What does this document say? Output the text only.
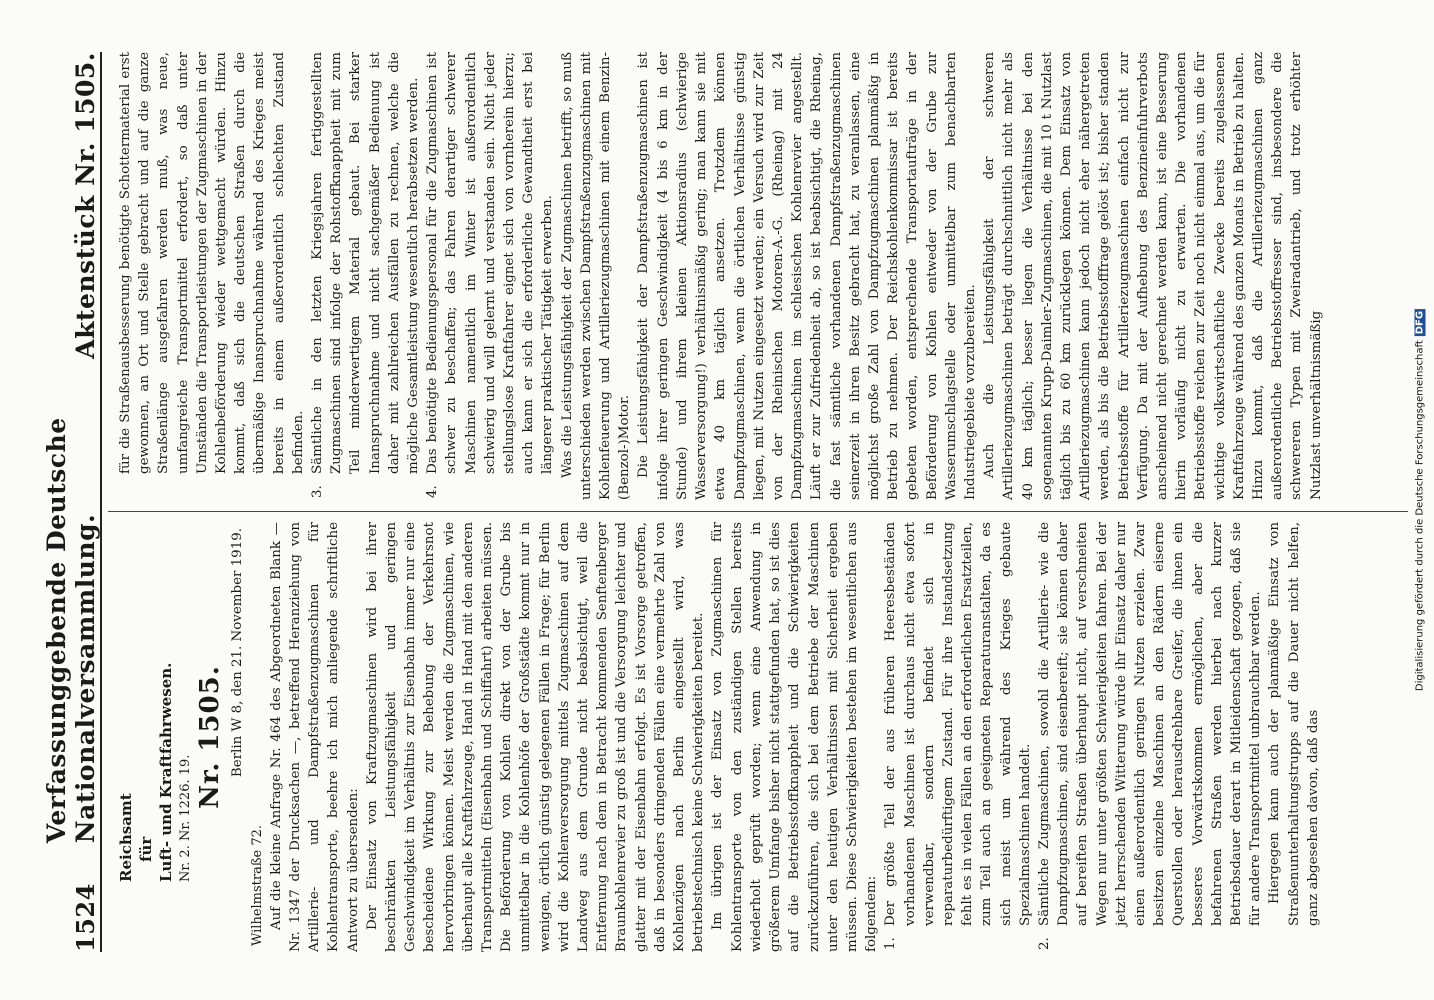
1524
Verfassunggebende Deutsche Nationalversammlung.
Aktenstück Nr. 1505.
Reichsamt für Luft- und Kraftfahrwesen. Nr. 2. Nr. 1226. 19.
Nr. 1505. Berlin W 8, den 21. November 1919.
Wilhelmstraße 72. Auf die kleine Anfrage Nr. 464 des Abgeordneten Blank — Nr. 1347 der Drucksachen —, betreffend Heranziehung von Artillerie- und Dampfstraßenzugmaschinen für Kohlentransporte, beehre ich mich anliegende schriftliche Antwort zu übersenden: Der Einsatz von Kraftzugmaschinen wird bei ihrer beschränkten Leistungsfähigkeit und geringen Geschwindigkeit im Verhältnis zur Eisenbahn immer nur eine bescheidene Wirkung zur Behebung der Verkehrsnot hervorbringen können. Meist werden die Zugmaschinen, wie überhaupt alle Kraftfahrzeuge, Hand in Hand mit den anderen Transportmitteln (Eisenbahn und Schiffahrt) arbeiten müssen. Die Beförderung von Kohlen direkt von der Grube bis unmittelbar in die Kohlenhöfe der Großstädte kommt nur in wenigen, örtlich günstig gelegenen Fällen in Frage; für Berlin wird die Kohlenversorgung mittels Zugmaschinen auf dem Landweg aus dem Grunde nicht beabsichtigt, weil die Entfernung nach dem in Betracht kommenden Senftenberger Braunkohlenrevier zu groß ist und die Versorgung leichter und glatter mit der Eisenbahn erfolgt. Es ist Vorsorge getroffen, daß in besonders dringenden Fällen eine vermehrte Zahl von Kohlenzügen nach Berlin eingestellt wird, was betriebstechnisch keine Schwierigkeiten bereitet. Im übrigen ist der Einsatz von Zugmaschinen für Kohlentransporte von den zuständigen Stellen bereits wiederholt geprüft worden; wenn eine Anwendung in größerem Umfange bisher nicht stattgefunden hat, so ist dies auf die Betriebsstoffknappheit und die Schwierigkeiten zurückzuführen, die sich bei dem Betriebe der Maschinen unter den heutigen Verhältnissen mit Sicherheit ergeben müssen. Diese Schwierigkeiten bestehen im wesentlichen aus folgendem: 1.
Der größte Teil der aus früheren Heeresbeständen vorhandenen Maschinen ist durchaus nicht etwa sofort verwendbar, sondern befindet sich in reparaturbedürftigem Zustand. Für ihre Instandsetzung fehlt es in vielen Fällen an den erforderlichen Ersatzteilen, zum Teil auch an geeigneten Reparaturanstalten, da es sich meist um während des Krieges gebaute Spezialmaschinen handelt.

2.
Sämtliche Zugmaschinen, sowohl die Artillerie- wie die Dampfzugmaschinen, sind eisenbereift; sie können daher auf bereiften Straßen überhaupt nicht, auf verschneiten Wegen nur unter größten Schwierigkeiten fahren. Bei der jetzt herrschenden Witterung würde ihr Einsatz daher nur einen außerordentlich geringen Nutzen erzielen. Zwar besitzen einzelne Maschinen an den Rädern eiserne Querstollen oder herausdrehbare Greifer, die ihnen ein besseres Vorwärtskommen ermöglichen, aber die befahrenen Straßen werden hierbei nach kurzer Betriebsdauer derart in Mitleidenschaft gezogen, daß sie für andere Transportmittel unbrauchbar werden. Hiergegen kann auch der planmäßige Einsatz von Straßenunterhaltungstrupps auf die Dauer nicht helfen, ganz abgesehen davon, daß das

für die Straßenausbesserung benötigte Schottermaterial erst gewonnen, an Ort und Stelle gebracht und auf die ganze Straßenlänge ausgefahren werden muß, was neue, umfangreiche Transportmittel erfordert, so daß unter Umständen die Transportleistungen der Zugmaschinen in der Kohlenbeförderung wieder wettgemacht würden. Hinzu kommt, daß sich die deutschen Straßen durch die übermäßige Inanspruchnahme während des Krieges meist bereits in einem außerordentlich schlechten Zustand befinden.

3.
Sämtliche in den letzten Kriegsjahren fertiggestellten Zugmaschinen sind infolge der Rohstoffknappheit mit zum Teil minderwertigem Material gebaut. Bei starker Inanspruchnahme und nicht sachgemäßer Bedienung ist daher mit zahlreichen Ausfällen zu rechnen, welche die mögliche Gesamtleistung wesentlich herabsetzen werden.

4.
Das benötigte Bedienungspersonal für die Zugmaschinen ist schwer zu beschaffen; das Fahren derartiger schwerer Maschinen namentlich im Winter ist außerordentlich schwierig und will gelernt und verstanden sein. Nicht jeder stellungslose Kraftfahrer eignet sich von vornherein hierzu; auch kann er sich die erforderliche Gewandtheit erst bei längerer praktischer Tätigkeit erwerben. Was die Leistungsfähigkeit der Zugmaschinen betrifft, so muß unterschieden werden zwischen Dampfstraßenzugmaschinen mit Kohlenfeuerung und Artilleriezugmaschinen mit einem Benzin-(Benzol-)Motor. Die Leistungsfähigkeit der Dampfstraßenzugmaschinen ist infolge ihrer geringen Geschwindigkeit (4 bis 6 km in der Stunde) und ihrem kleinen Aktionsradius (schwierige Wasserversorgung!) verhältnismäßig gering; man kann sie mit etwa 40 km täglich ansetzen. Trotzdem können Dampfzugmaschinen, wenn die örtlichen Verhältnisse günstig liegen, mit Nutzen eingesetzt werden; ein Versuch wird zur Zeit von der Rheinischen Motoren-A.-G. (Rheinag) mit 24 Dampfzugmaschinen im schlesischen Kohlenrevier angestellt. Läuft er zur Zufriedenheit ab, so ist beabsichtigt, die Rheinag, die fast sämtliche vorhandenen Dampfstraßenzugmaschinen seinerzeit in ihren Besitz gebracht hat, zu veranlassen, eine möglichst große Zahl von Dampfzugmaschinen planmäßig in Betrieb zu nehmen. Der Reichskohlenkommissar ist bereits gebeten worden, entsprechende Transportaufträge in der Beförderung von Kohlen entweder von der Grube zur Wasserumschlagstelle oder unmittelbar zum benachbarten Industriegebiete vorzubereiten. Auch die Leistungsfähigkeit der schweren Artilleriezugmaschinen beträgt durchschnittlich nicht mehr als 40 km täglich; besser liegen die Verhältnisse bei den sogenannten Krupp-Daimler-Zugmaschinen, die mit 10 t Nutzlast täglich bis zu 60 km zurücklegen können. Dem Einsatz von Artilleriezugmaschinen kann jedoch nicht eher nähergetreten werden, als bis die Betriebsstofffrage gelöst ist; bisher standen Betriebsstoffe für Artilleriezugmaschinen einfach nicht zur Verfügung. Da mit der Aufhebung des Benzineinfuhrverbots anscheinend nicht gerechnet werden kann, ist eine Besserung hierin vorläufig nicht zu erwarten. Die vorhandenen Betriebsstoffe reichen zur Zeit noch nicht einmal aus, um die für wichtige volkswirtschaftliche Zwecke bereits zugelassenen Kraftfahrzeuge während des ganzen Monats in Betrieb zu halten. Hinzu kommt, daß die Artilleriezugmaschinen ganz außerordentliche Betriebsstoffresser sind, insbesondere die schwereren Typen mit Zweiradantrieb, und trotz erhöhter Nutzlast unverhältnismäßig	Digitalisierung gefördert durch die Deutsche ForschungsgemeinschaftDFG
